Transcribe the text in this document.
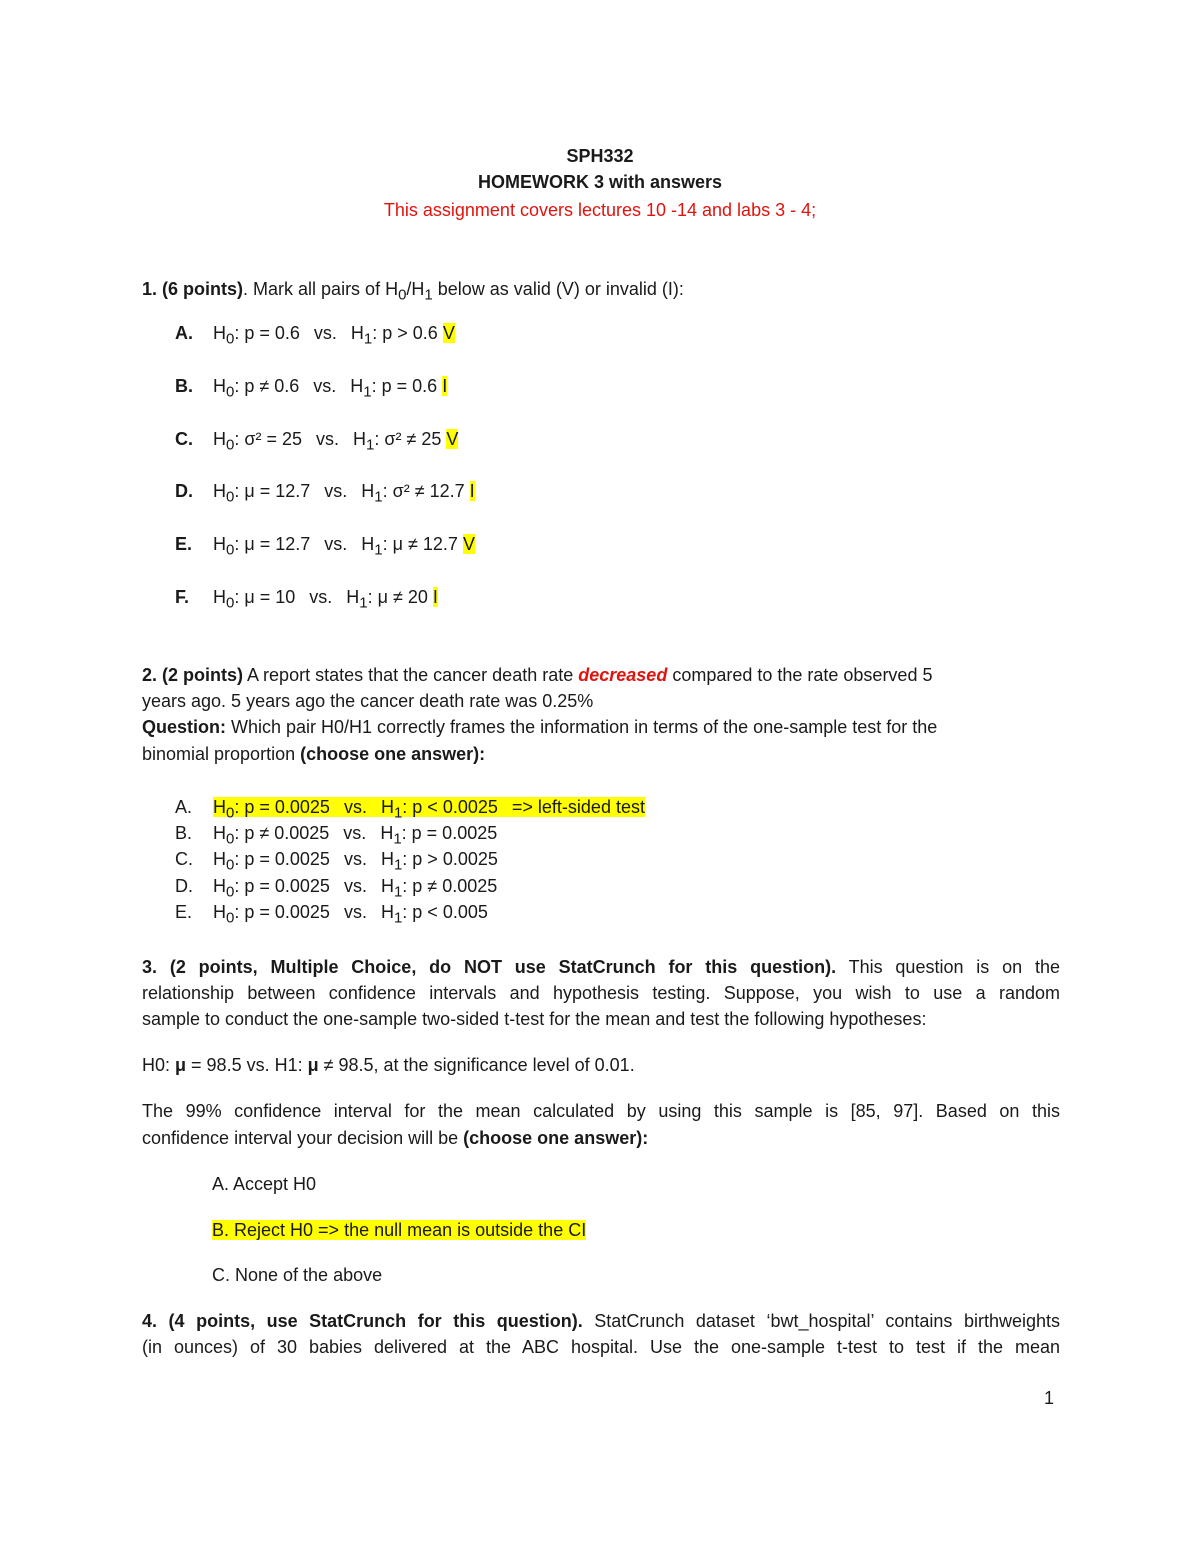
SPH332
HOMEWORK 3 with answers
This assignment covers lectures 10 -14 and labs 3 - 4;
1. (6 points). Mark all pairs of $H_0/H_1$ below as valid (V) or invalid (I):
A. $H_0$: p = 0.6 vs. $H_1$: p > 0.6 V
B. $H_0$: p ≠ 0.6 vs. $H_1$: p = 0.6 I
C. $H_0$: σ² = 25 vs. $H_1$: σ² ≠ 25 V
D. $H_0$: μ = 12.7 vs. $H_1$: σ² ≠ 12.7 I
E. $H_0$: μ = 12.7 vs. $H_1$: μ ≠ 12.7 V
F. $H_0$: μ = 10 vs. $H_1$: μ ≠ 20 I
2. (2 points) A report states that the cancer death rate decreased compared to the rate observed 5
years ago. 5 years ago the cancer death rate was 0.25%
Question: Which pair H0/H1 correctly frames the information in terms of the one-sample test for the
binomial proportion (choose one answer):
A. $H_0$: p = 0.0025 vs. $H_1$: p < 0.0025 => left-sided test
B. $H_0$: p ≠ 0.0025 vs. $H_1$: p = 0.0025
C. $H_0$: p = 0.0025 vs. $H_1$: p > 0.0025
D. $H_0$: p = 0.0025 vs. $H_1$: p ≠ 0.0025
E. $H_0$: p = 0.0025 vs. $H_1$: p < 0.005
3. (2 points, Multiple Choice, do NOT use StatCrunch for this question). This question is on the
relationship between confidence intervals and hypothesis testing. Suppose, you wish to use a random
sample to conduct the one-sample two-sided t-test for the mean and test the following hypotheses:
H0: μ = 98.5 vs. H1: μ ≠ 98.5, at the significance level of 0.01.
The 99% confidence interval for the mean calculated by using this sample is [85, 97]. Based on this
confidence interval your decision will be (choose one answer):
A. Accept H0
B. Reject H0 => the null mean is outside the CI
C. None of the above
4. (4 points, use StatCrunch for this question). StatCrunch dataset ‘bwt_hospital’ contains birthweights
(in ounces) of 30 babies delivered at the ABC hospital. Use the one-sample t-test to test if the mean
1
